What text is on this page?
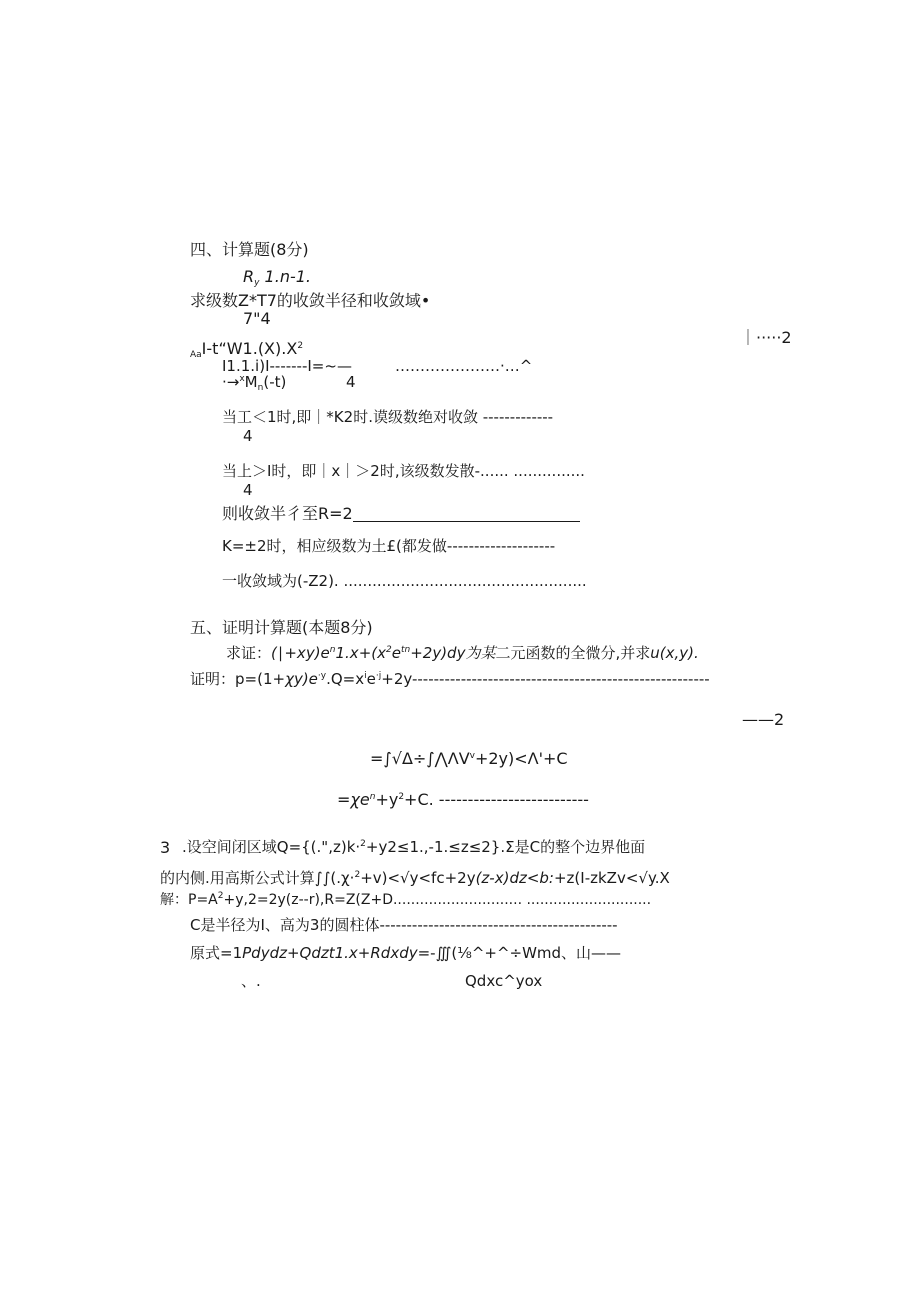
四、计算题(8分)
$R_y$ 1.n-1.
求级数Z*T7的收敛半径和收敛域•
7"4
｜·····2
$_{Aa}I-t“W1.(X).X^2$
I1.1.i)I-------I=~—	…………………·…^
$\cdot\to^xM_n(-t)$	4
当工＜1时,即｜*K2时.谟级数绝对收敛 -------------
4
当上＞I时，即｜x｜＞2时,该级数发散-...... ...............
4
则收敛半彳至R=2
K=±2时，相应级数为土£(都发做--------------------
一收敛域为(-Z2). ...................................................
五、证明计算题(本题8分)
求证：$(∣+xy)e^n1.x+(x^2e^{tn}+2y)dy$为某二元函数的全微分,并求u(x,y).
证明：$p=(1+\chi y)e^{\cdot y}.Q=x^ie^{\cdot j}+2y-------------------------------------------------------$
——2
$=\int√\Delta\div\int⋀\Lambda V^v+2y)<\Lambda'+C$
$=\chi e^n+y^2+C$. --------------------------
3 .设空间闭区域Q={(.",z)k·$^2$+y2≤1.,-1.≤z≤2}.Σ是C的整个边界他面
的内侧.用高斯公式计算∫∫(.χ·$^2$+v)<√y<fc+2y(z-x)dz<b:+z(I-zkZv<√y.X
解：$P=A^2+y,2=2y(z--r),R=Z(Z+D$............................. ............................
C是半径为I、高为3的圆柱体--------------------------------------------
原式=1Pdydz+Qdzt1.x+Rdxdy=-∭(⅛^+^÷Wmd、山——
、.	Qdxc^yox
